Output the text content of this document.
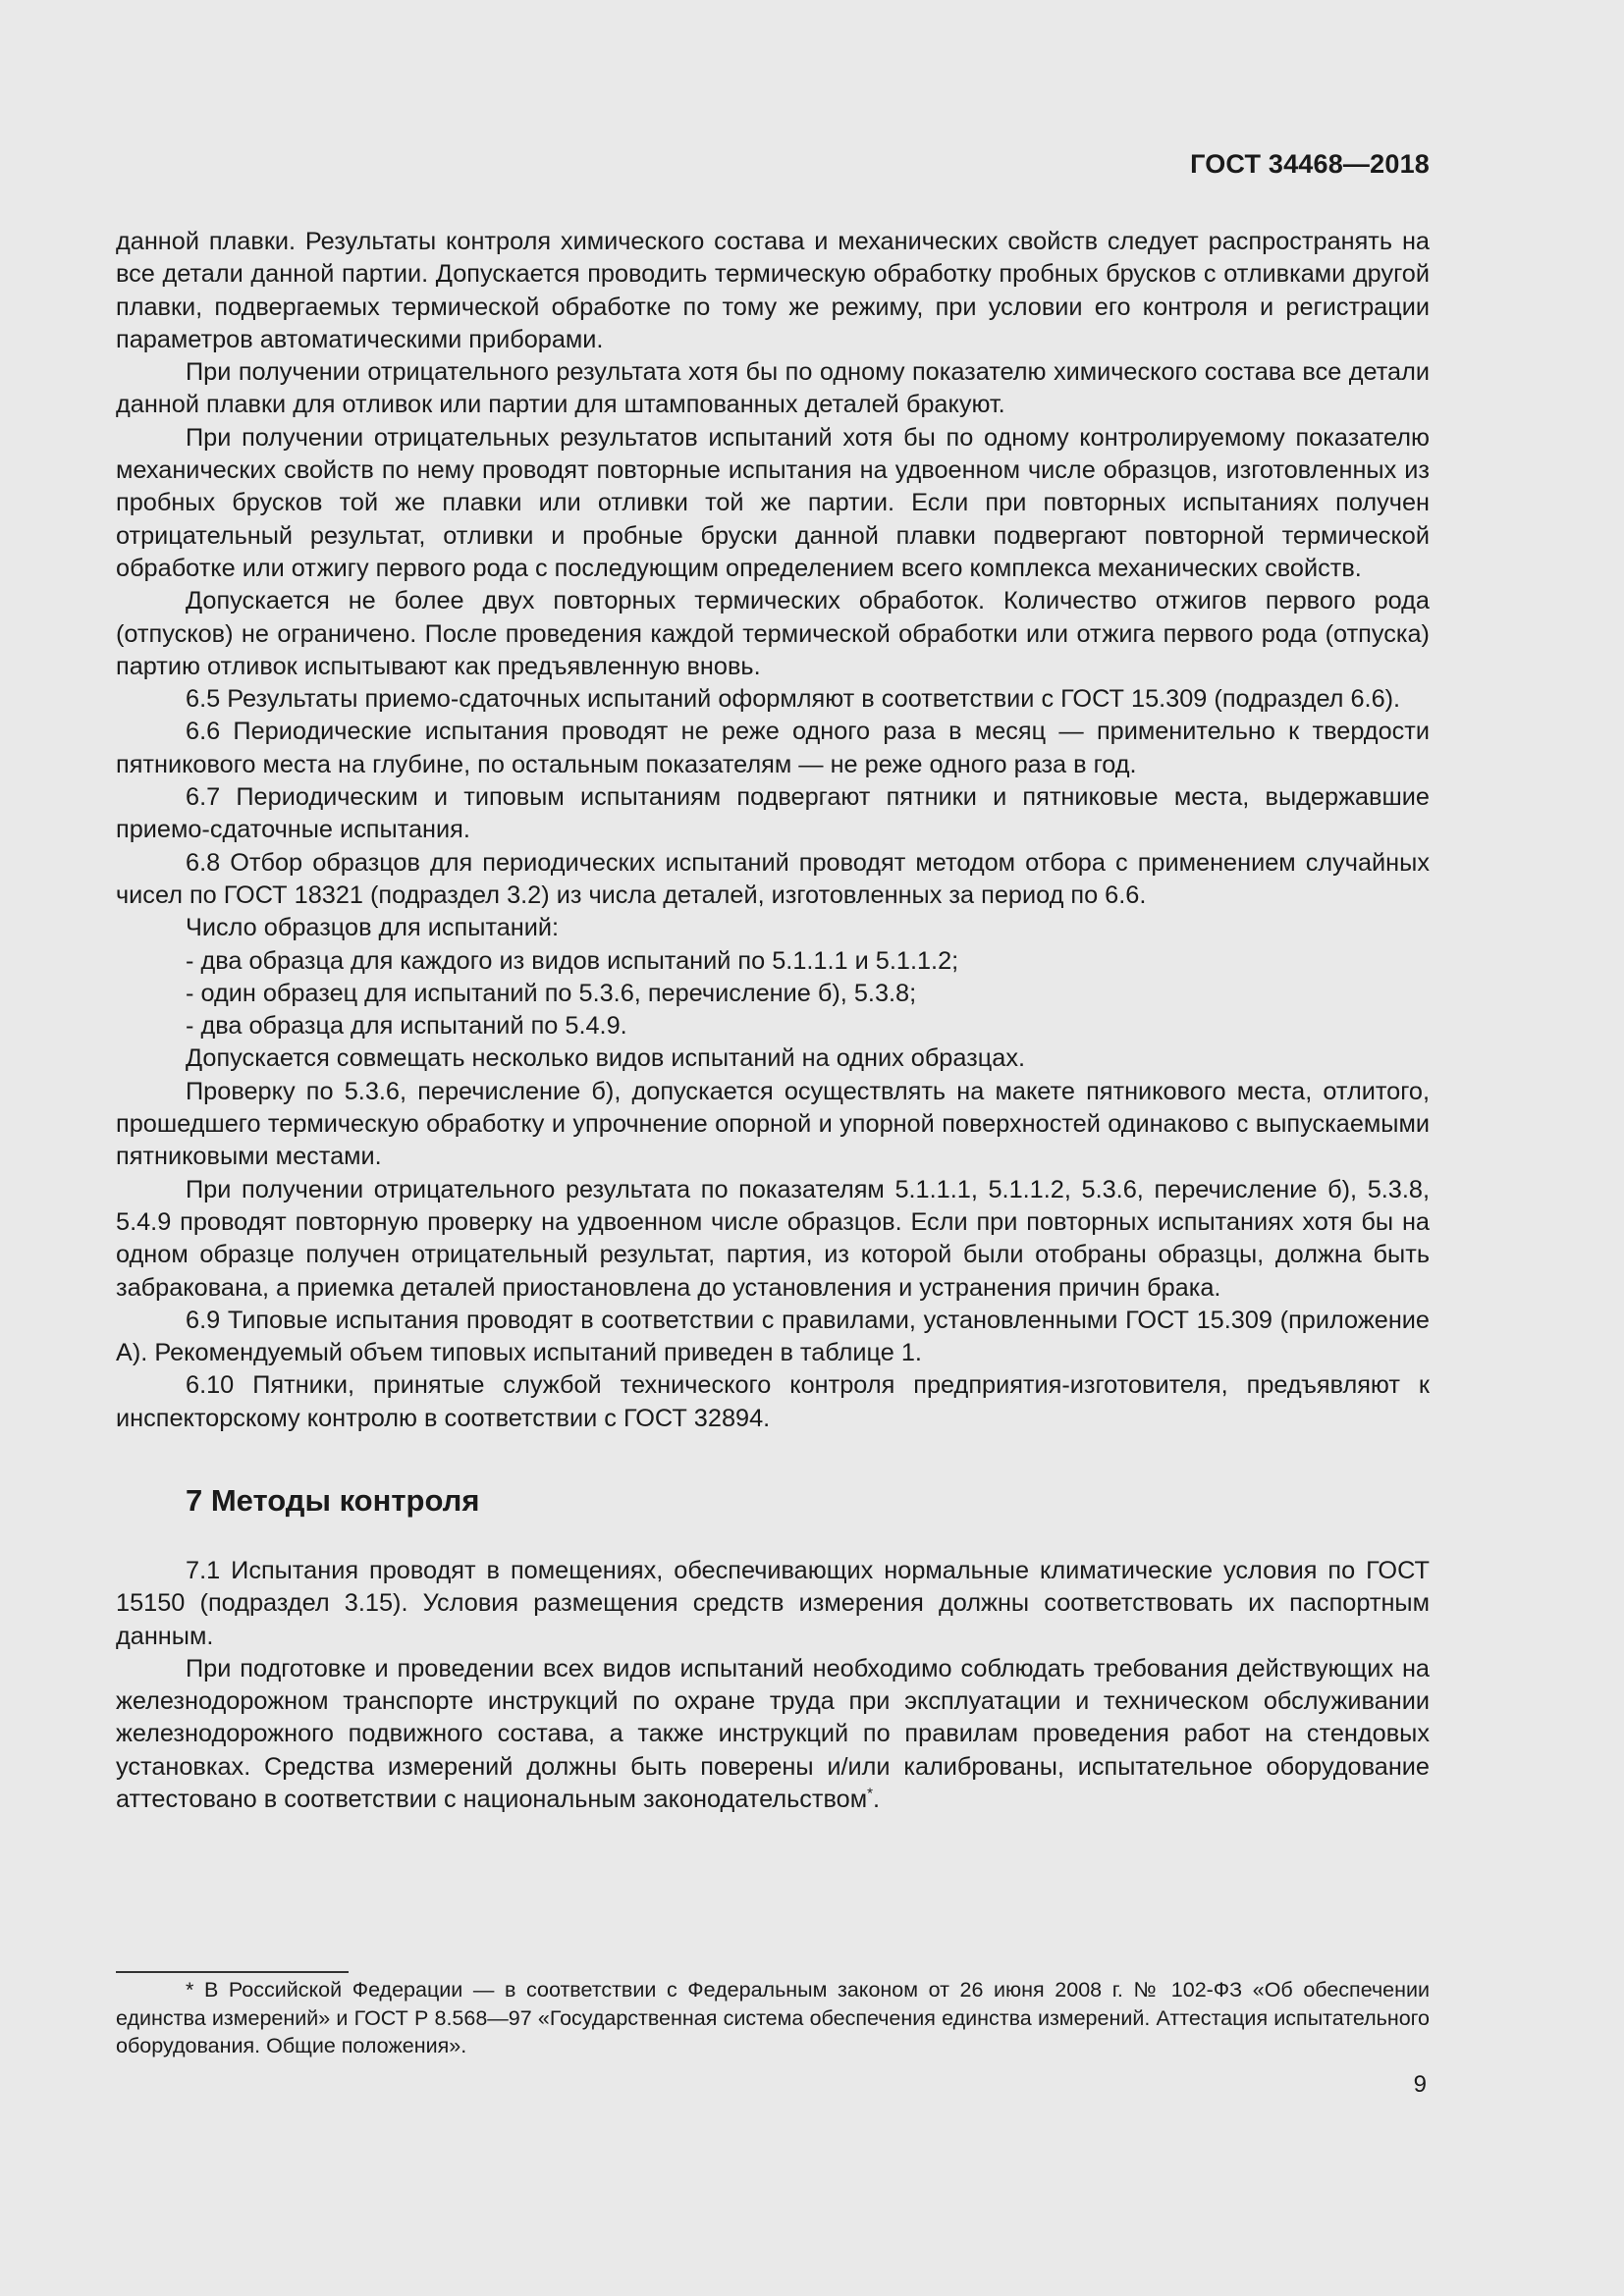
ГОСТ 34468—2018

данной плавки. Результаты контроля химического состава и механических свойств следует распространять на все детали данной партии. Допускается проводить термическую обработку пробных брусков с отливками другой плавки, подвергаемых термической обработке по тому же режиму, при условии его контроля и регистрации параметров автоматическими приборами.

При получении отрицательного результата хотя бы по одному показателю химического состава все детали данной плавки для отливок или партии для штампованных деталей бракуют.

При получении отрицательных результатов испытаний хотя бы по одному контролируемому показателю механических свойств по нему проводят повторные испытания на удвоенном числе образцов, изготовленных из пробных брусков той же плавки или отливки той же партии. Если при повторных испытаниях получен отрицательный результат, отливки и пробные бруски данной плавки подвергают повторной термической обработке или отжигу первого рода с последующим определением всего комплекса механических свойств.

Допускается не более двух повторных термических обработок. Количество отжигов первого рода (отпусков) не ограничено. После проведения каждой термической обработки или отжига первого рода (отпуска) партию отливок испытывают как предъявленную вновь.

6.5 Результаты приемо-сдаточных испытаний оформляют в соответствии с ГОСТ 15.309 (подраздел 6.6).

6.6 Периодические испытания проводят не реже одного раза в месяц — применительно к твердости пятникового места на глубине, по остальным показателям — не реже одного раза в год.

6.7 Периодическим и типовым испытаниям подвергают пятники и пятниковые места, выдержавшие приемо-сдаточные испытания.

6.8 Отбор образцов для периодических испытаний проводят методом отбора с применением случайных чисел по ГОСТ 18321 (подраздел 3.2) из числа деталей, изготовленных за период по 6.6.

Число образцов для испытаний:

- два образца для каждого из видов испытаний по 5.1.1.1 и 5.1.1.2;

- один образец для испытаний по 5.3.6, перечисление б), 5.3.8;

- два образца для испытаний по 5.4.9.

Допускается совмещать несколько видов испытаний на одних образцах.

Проверку по 5.3.6, перечисление б), допускается осуществлять на макете пятникового места, отлитого, прошедшего термическую обработку и упрочнение опорной и упорной поверхностей одинаково с выпускаемыми пятниковыми местами.

При получении отрицательного результата по показателям 5.1.1.1, 5.1.1.2, 5.3.6, перечисление б), 5.3.8, 5.4.9 проводят повторную проверку на удвоенном числе образцов. Если при повторных испытаниях хотя бы на одном образце получен отрицательный результат, партия, из которой были отобраны образцы, должна быть забракована, а приемка деталей приостановлена до установления и устранения причин брака.

6.9 Типовые испытания проводят в соответствии с правилами, установленными ГОСТ 15.309 (приложение А). Рекомендуемый объем типовых испытаний приведен в таблице 1.

6.10 Пятники, принятые службой технического контроля предприятия-изготовителя, предъявляют к инспекторскому контролю в соответствии с ГОСТ 32894.

7 Методы контроля

7.1 Испытания проводят в помещениях, обеспечивающих нормальные климатические условия по ГОСТ 15150 (подраздел 3.15). Условия размещения средств измерения должны соответствовать их паспортным данным.

При подготовке и проведении всех видов испытаний необходимо соблюдать требования действующих на железнодорожном транспорте инструкций по охране труда при эксплуатации и техническом обслуживании железнодорожного подвижного состава, а также инструкций по правилам проведения работ на стендовых установках. Средства измерений должны быть поверены и/или калиброваны, испытательное оборудование аттестовано в соответствии с национальным законодательством*.

* В Российской Федерации — в соответствии с Федеральным законом от 26 июня 2008 г. № 102-ФЗ «Об обеспечении единства измерений» и ГОСТ Р 8.568—97 «Государственная система обеспечения единства измерений. Аттестация испытательного оборудования. Общие положения».

9
